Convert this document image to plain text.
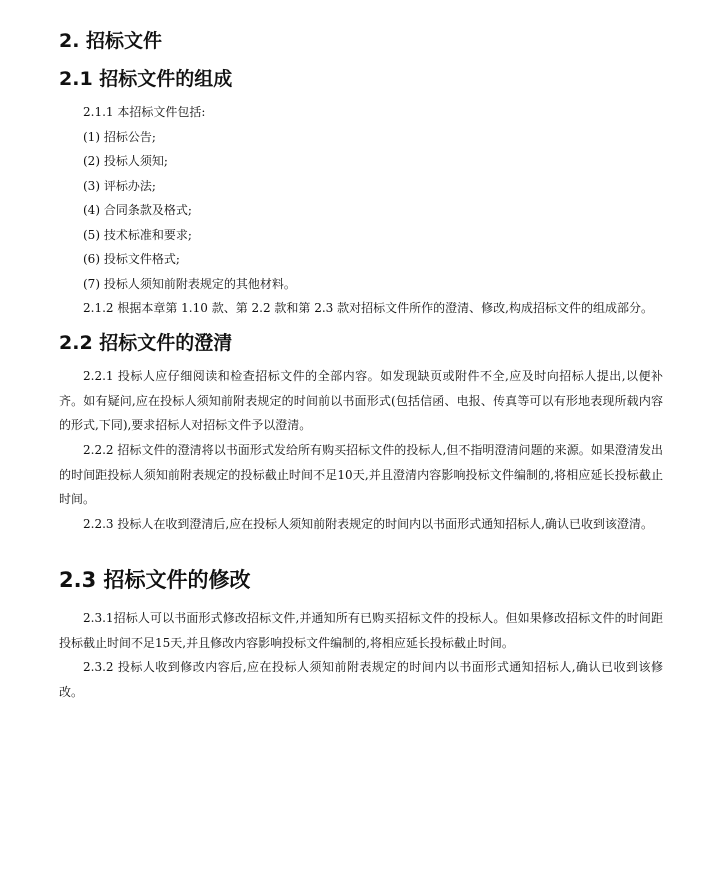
2. 招标文件
2.1 招标文件的组成

2.1.1 本招标文件包括:

(1) 招标公告;

(2) 投标人须知;

(3) 评标办法;

(4) 合同条款及格式;

(5) 技术标准和要求;

(6) 投标文件格式;

(7) 投标人须知前附表规定的其他材料。

2.1.2 根据本章第 1.10 款、第 2.2 款和第 2.3 款对招标文件所作的澄清、修改,构成招标文件的组成部分。

2.2 招标文件的澄清

2.2.1 投标人应仔细阅读和检查招标文件的全部内容。如发现缺页或附件不全,应及时向招标人提出,以便补齐。如有疑问,应在投标人须知前附表规定的时间前以书面形式(包括信函、电报、传真等可以有形地表现所载内容的形式,下同),要求招标人对招标文件予以澄清。

2.2.2 招标文件的澄清将以书面形式发给所有购买招标文件的投标人,但不指明澄清问题的来源。如果澄清发出的时间距投标人须知前附表规定的投标截止时间不足10天,并且澄清内容影响投标文件编制的,将相应延长投标截止时间。

2.2.3 投标人在收到澄清后,应在投标人须知前附表规定的时间内以书面形式通知招标人,确认已收到该澄清。

2.3 招标文件的修改

2.3.1招标人可以书面形式修改招标文件,并通知所有已购买招标文件的投标人。但如果修改招标文件的时间距投标截止时间不足15天,并且修改内容影响投标文件编制的,将相应延长投标截止时间。

2.3.2 投标人收到修改内容后,应在投标人须知前附表规定的时间内以书面形式通知招标人,确认已收到该修改。
